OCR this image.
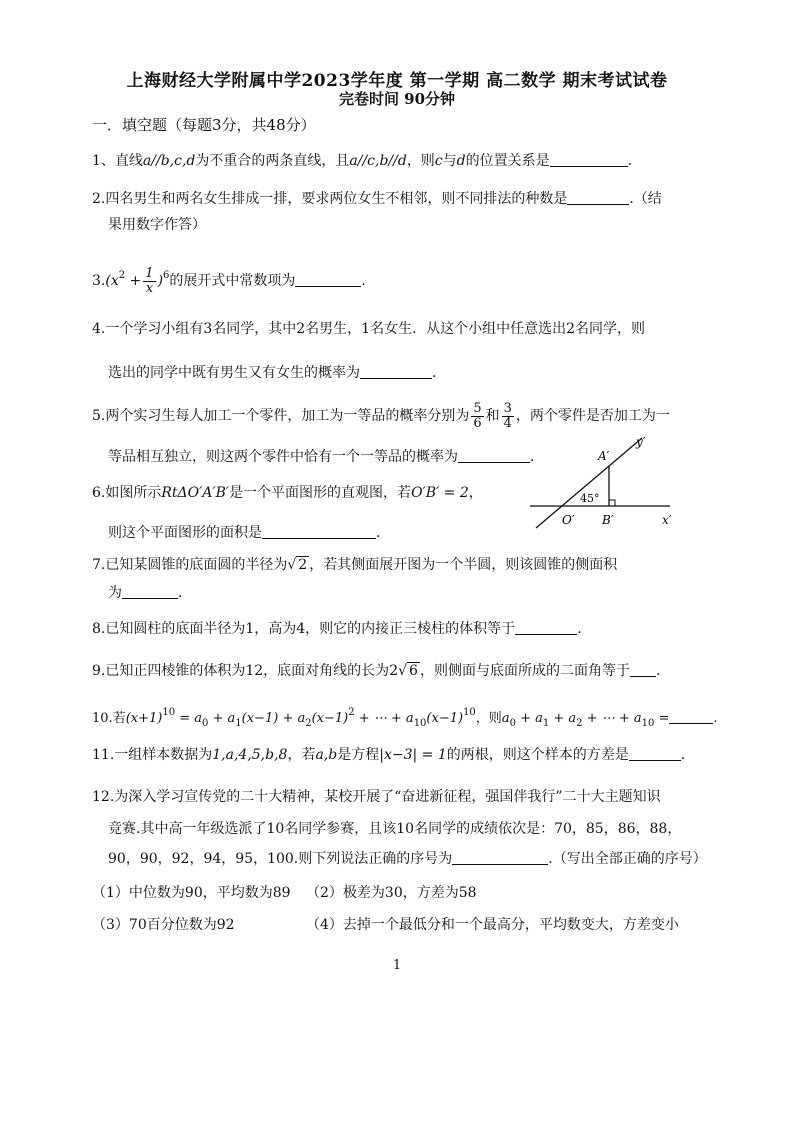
上海财经大学附属中学2023学年度 第一学期 高二数学 期末考试试卷
完卷时间 90分钟
一．填空题（每题3分，共48分）
1、直线a//b,c,d为不重合的两条直线，且a//c,b//d，则c与d的位置关系是	.
2.四名男生和两名女生排成一排，要求两位女生不相邻，则不同排法的种数是	.（结
果用数字作答）
$3.(x^2 + \frac{1}{x} )^6$的展开式中常数项为	.
4.一个学习小组有3名同学，其中2名男生，1名女生．从这个小组中任意选出2名同学，则
选出的同学中既有男生又有女生的概率为	.
5.两个实习生每人加工一个零件，加工为一等品的概率分别为 $\frac{5}{6}$ 和 $\frac{3}{4}$ ，两个零件是否加工为一
等品相互独立，则这两个零件中恰有一个一等品的概率为	.
6.如图所示RtΔO′A′B′是一个平面图形的直观图，若O′B′ = 2，
则这个平面图形的面积是	.
A′
y′
O′ B′	x′
45°
7.已知某圆锥的底面圆的半径为√ 2 ，若其侧面展开图为一个半圆，则该圆锥的侧面积
为	.
8.已知圆柱的底面半径为1，高为4，则它的内接正三棱柱的体积等于	.
9.已知正四棱锥的体积为12，底面对角线的长为2√ 6 ，则侧面与底面所成的二面角等于 .
10.若$(x+1)^{10} = a_0 + a_1(x-1) + a_2(x-1)^2$ + ⋯ + $a_{10}(x-1)^{10}$，则$a_0 + a_1 + a_2$ + ⋯ + $a_{10}$ =	.
11.一组样本数据为1,a,4,5,b,8，若a,b是方程|x−3| = 1的两根，则这个样本的方差是	.
12.为深入学习宣传党的二十大精神，某校开展了“奋进新征程，强国伴我行”二十大主题知识
竞赛.其中高一年级选派了10名同学参赛，且该10名同学的成绩依次是：70，85，86，88，
90，90，92，94，95，100.则下列说法正确的序号为	.（写出全部正确的序号）
（1）中位数为90，平均数为89 （2）极差为30，方差为58
（3）70百分位数为92	（4）去掉一个最低分和一个最高分，平均数变大，方差变小
1
